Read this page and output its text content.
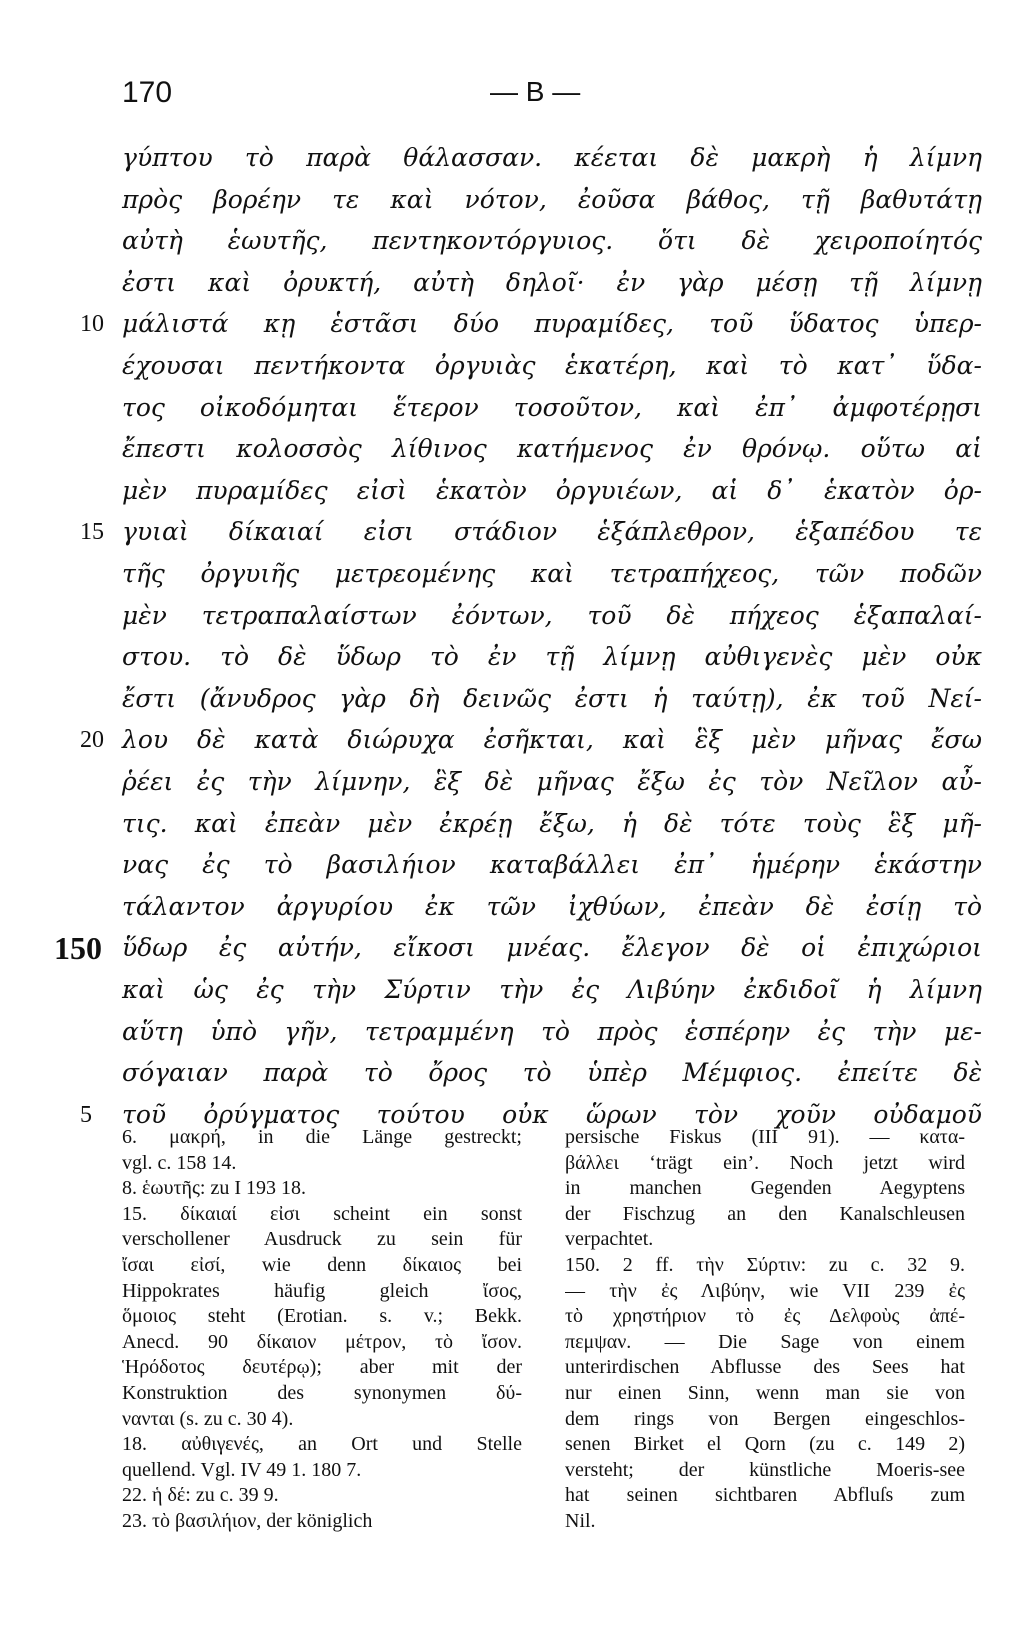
170	— B —
γύπτου τὸ παρὰ θάλασσαν. κέεται δὲ μακρὴ ἡ λίμνη
πρὸς βορέην τε καὶ νότον, ἐοῦσα βάθος, τῇ βαθυτάτῃ
αὐτὴ ἑωυτῆς, πεντηκοντόργυιος. ὅτι δὲ χειροποίητός
ἐστι καὶ ὀρυκτή, αὐτὴ δηλοῖ· ἐν γὰρ μέσῃ τῇ λίμνῃ
10 μάλιστά κῃ ἑστᾶσι δύο πυραμίδες, τοῦ ὕδατος ὑπερ-
έχουσαι πεντήκοντα ὀργυιὰς ἑκατέρη, καὶ τὸ κατ᾽ ὕδα-
τος οἰκοδόμηται ἕτερον τοσοῦτον, καὶ ἐπ᾽ ἀμφοτέρῃσι
ἔπεστι κολοσσὸς λίθινος κατήμενος ἐν θρόνῳ. οὕτω αἱ
μὲν πυραμίδες εἰσὶ ἑκατὸν ὀργυιέων, αἱ δ᾽ ἑκατὸν ὀρ-
15 γυιαὶ δίκαιαί εἰσι στάδιον ἑξάπλεθρον, ἑξαπέδου τε
τῆς ὀργυιῆς μετρεομένης καὶ τετραπήχεος, τῶν ποδῶν
μὲν τετραπαλαίστων ἐόντων, τοῦ δὲ πήχεος ἑξαπαλαί-
στου. τὸ δὲ ὕδωρ τὸ ἐν τῇ λίμνῃ αὐθιγενὲς μὲν οὐκ
ἔστι (ἄνυδρος γὰρ δὴ δεινῶς ἐστι ἡ ταύτῃ), ἐκ τοῦ Νεί-
20 λου δὲ κατὰ διώρυχα ἐσῆκται, καὶ ἓξ μὲν μῆνας ἔσω
ῥέει ἐς τὴν λίμνην, ἓξ δὲ μῆνας ἔξω ἐς τὸν Νεῖλον αὖ-
τις. καὶ ἐπεὰν μὲν ἐκρέῃ ἔξω, ἡ δὲ τότε τοὺς ἓξ μῆ-
νας ἐς τὸ βασιλήιον καταβάλλει ἐπ᾽ ἡμέρην ἑκάστην
τάλαντον ἀργυρίου ἐκ τῶν ἰχθύων, ἐπεὰν δὲ ἐσίῃ τὸ
150 ὕδωρ ἐς αὐτήν, εἴκοσι μνέας. ἔλεγον δὲ οἱ ἐπιχώριοι
καὶ ὡς ἐς τὴν Σύρτιν τὴν ἐς Λιβύην ἐκδιδοῖ ἡ λίμνη
αὕτη ὑπὸ γῆν, τετραμμένη τὸ πρὸς ἑσπέρην ἐς τὴν με-
σόγαιαν παρὰ τὸ ὄρος τὸ ὑπὲρ Μέμφιος. ἐπείτε δὲ
5	τοῦ ὀρύγματος τούτου οὐκ ὥρων τὸν χοῦν οὐδαμοῦ
6. μακρή, in die Länge gestreckt;
vgl. c. 158 14.
8. ἑωυτῆς: zu I 193 18.
15. δίκαιαί εἰσι scheint ein sonst
verschollener Ausdruck zu sein für
ἴσαι εἰσί, wie denn δίκαιος bei
Hippokrates häufig gleich ἴσος,
ὅμοιος steht (Erotian. s. v.; Bekk.
Anecd. 90 δίκαιον μέτρον, τὸ ἴσον.
Ἡρόδοτος δευτέρῳ); aber mit der
Konstruktion des synonymen δύ-
νανται (s. zu c. 30 4).
18. αὐθιγενές, an Ort und Stelle
quellend. Vgl. IV 49 1. 180 7.
22. ἡ δέ: zu c. 39 9.
23. τὸ βασιλήιον, der königlich
persische Fiskus (III 91). — κατα-
βάλλει ‘trägt ein’. Noch jetzt wird
in manchen Gegenden Aegyptens
der Fischzug an den Kanalschleusen
verpachtet.
150. 2 ff. τὴν Σύρτιν: zu c. 32 9.
— τὴν ἐς Λιβύην, wie VII 239 ἐς
τὸ χρηστήριον τὸ ἐς Δελφοὺς ἀπέ-
πεμψαν. — Die Sage von einem
unterirdischen Abflusse des Sees hat
nur einen Sinn, wenn man sie von
dem rings von Bergen eingeschlos-
senen Birket el Qorn (zu c. 149 2)
versteht; der künstliche Moeris-see
hat seinen sichtbaren Abfluſs zum
Nil.
